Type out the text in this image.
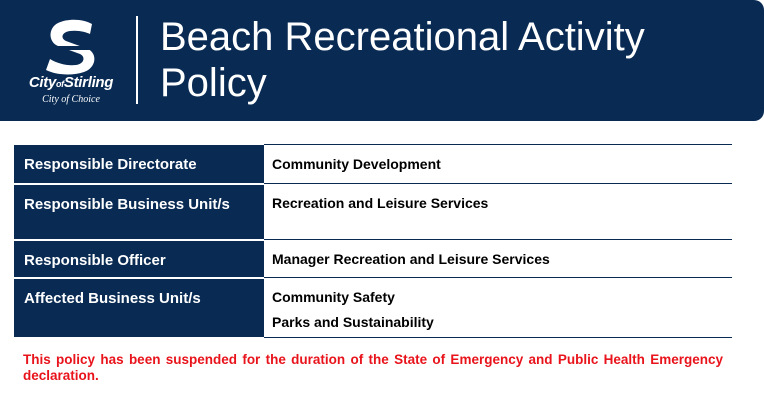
CityofStirling
City of Choice
Beach Recreational Activity Policy
Responsible Directorate	Community Development

Responsible Business Unit/s	Recreation and Leisure Services

Responsible Officer	Manager Recreation and Leisure Services

Affected Business Unit/s	Community Safety
Parks and Sustainability

This policy has been suspended for the duration of the State of Emergency and Public Health Emergency declaration.
